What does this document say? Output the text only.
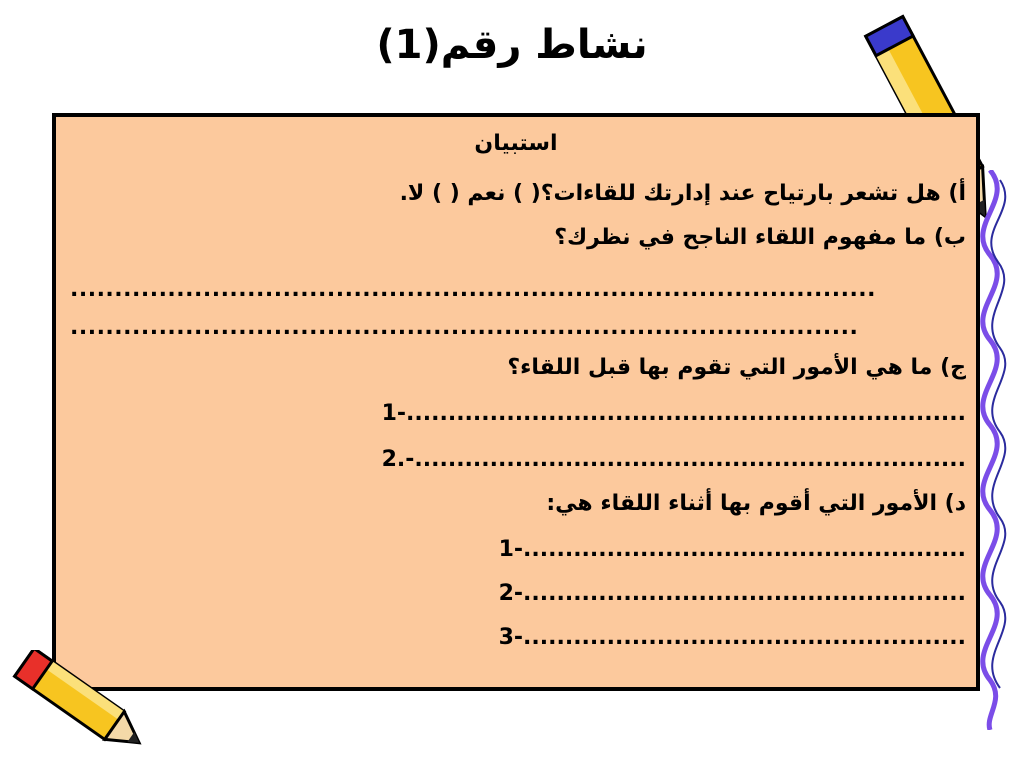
نشاط رقم(1)
استبيان
أ) هل تشعر بارتياح عند إدارتك للقاءات؟( ) نعم ( ) لا.
ب) ما مفهوم اللقاء الناجح في نظرك؟
...........................................................................................
.........................................................................................
ج) ما هي الأمور التي تقوم بها قبل اللقاء؟
1-...................................................................
2.-..................................................................
د) الأمور التي أقوم بها أثناء اللقاء هي:
1-.....................................................
2-.....................................................
3-.....................................................
